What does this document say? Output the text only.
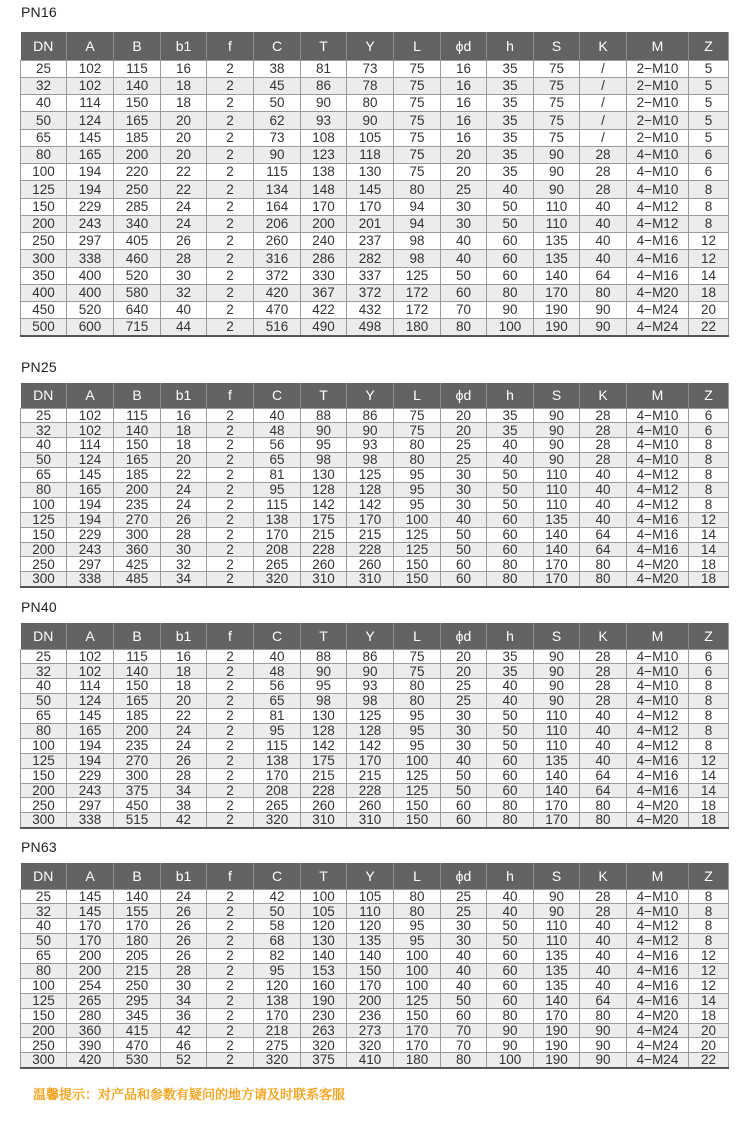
PN16
DN	A	B	b1	f	C	T	Y	L	ϕd	h	S	K	M	Z
25	102	115	16	2	38	81	73	75	16	35	75	/	2−M10	5
32	102	140	18	2	45	86	78	75	16	35	75	/	2−M10	5
40	114	150	18	2	50	90	80	75	16	35	75	/	2−M10	5
50	124	165	20	2	62	93	90	75	16	35	75	/	2−M10	5
65	145	185	20	2	73	108	105	75	16	35	75	/	2−M10	5
80	165	200	20	2	90	123	118	75	20	35	90	28	4−M10	6
100	194	220	22	2	115	138	130	75	20	35	90	28	4−M10	6
125	194	250	22	2	134	148	145	80	25	40	90	28	4−M10	8
150	229	285	24	2	164	170	170	94	30	50	110	40	4−M12	8
200	243	340	24	2	206	200	201	94	30	50	110	40	4−M12	8
250	297	405	26	2	260	240	237	98	40	60	135	40	4−M16	12
300	338	460	28	2	316	286	282	98	40	60	135	40	4−M16	12
350	400	520	30	2	372	330	337	125	50	60	140	64	4−M16	14
400	400	580	32	2	420	367	372	172	60	80	170	80	4−M20	18
450	520	640	40	2	470	422	432	172	70	90	190	90	4−M24	20
500	600	715	44	2	516	490	498	180	80	100	190	90	4−M24	22
PN25
DN	A	B	b1	f	C	T	Y	L	ϕd	h	S	K	M	Z
25	102	115	16	2	40	88	86	75	20	35	90	28	4−M10	6
32	102	140	18	2	48	90	90	75	20	35	90	28	4−M10	6
40	114	150	18	2	56	95	93	80	25	40	90	28	4−M10	8
50	124	165	20	2	65	98	98	80	25	40	90	28	4−M10	8
65	145	185	22	2	81	130	125	95	30	50	110	40	4−M12	8
80	165	200	24	2	95	128	128	95	30	50	110	40	4−M12	8
100	194	235	24	2	115	142	142	95	30	50	110	40	4−M12	8
125	194	270	26	2	138	175	170	100	40	60	135	40	4−M16	12
150	229	300	28	2	170	215	215	125	50	60	140	64	4−M16	14
200	243	360	30	2	208	228	228	125	50	60	140	64	4−M16	14
250	297	425	32	2	265	260	260	150	60	80	170	80	4−M20	18
300	338	485	34	2	320	310	310	150	60	80	170	80	4−M20	18
PN40
DN	A	B	b1	f	C	T	Y	L	ϕd	h	S	K	M	Z
25	102	115	16	2	40	88	86	75	20	35	90	28	4−M10	6
32	102	140	18	2	48	90	90	75	20	35	90	28	4−M10	6
40	114	150	18	2	56	95	93	80	25	40	90	28	4−M10	8
50	124	165	20	2	65	98	98	80	25	40	90	28	4−M10	8
65	145	185	22	2	81	130	125	95	30	50	110	40	4−M12	8
80	165	200	24	2	95	128	128	95	30	50	110	40	4−M12	8
100	194	235	24	2	115	142	142	95	30	50	110	40	4−M12	8
125	194	270	26	2	138	175	170	100	40	60	135	40	4−M16	12
150	229	300	28	2	170	215	215	125	50	60	140	64	4−M16	14
200	243	375	34	2	208	228	228	125	50	60	140	64	4−M16	14
250	297	450	38	2	265	260	260	150	60	80	170	80	4−M20	18
300	338	515	42	2	320	310	310	150	60	80	170	80	4−M20	18
PN63
DN	A	B	b1	f	C	T	Y	L	ϕd	h	S	K	M	Z
25	145	140	24	2	42	100	105	80	25	40	90	28	4−M10	8
32	145	155	26	2	50	105	110	80	25	40	90	28	4−M10	8
40	170	170	26	2	58	120	120	95	30	50	110	40	4−M12	8
50	170	180	26	2	68	130	135	95	30	50	110	40	4−M12	8
65	200	205	26	2	82	140	140	100	40	60	135	40	4−M16	12
80	200	215	28	2	95	153	150	100	40	60	135	40	4−M16	12
100	254	250	30	2	120	160	170	100	40	60	135	40	4−M16	12
125	265	295	34	2	138	190	200	125	50	60	140	64	4−M16	14
150	280	345	36	2	170	230	236	150	60	80	170	80	4−M20	18
200	360	415	42	2	218	263	273	170	70	90	190	90	4−M24	20
250	390	470	46	2	275	320	320	170	70	90	190	90	4−M24	20
300	420	530	52	2	320	375	410	180	80	100	190	90	4−M24	22
温馨提示：对产品和参数有疑问的地方请及时联系客服
